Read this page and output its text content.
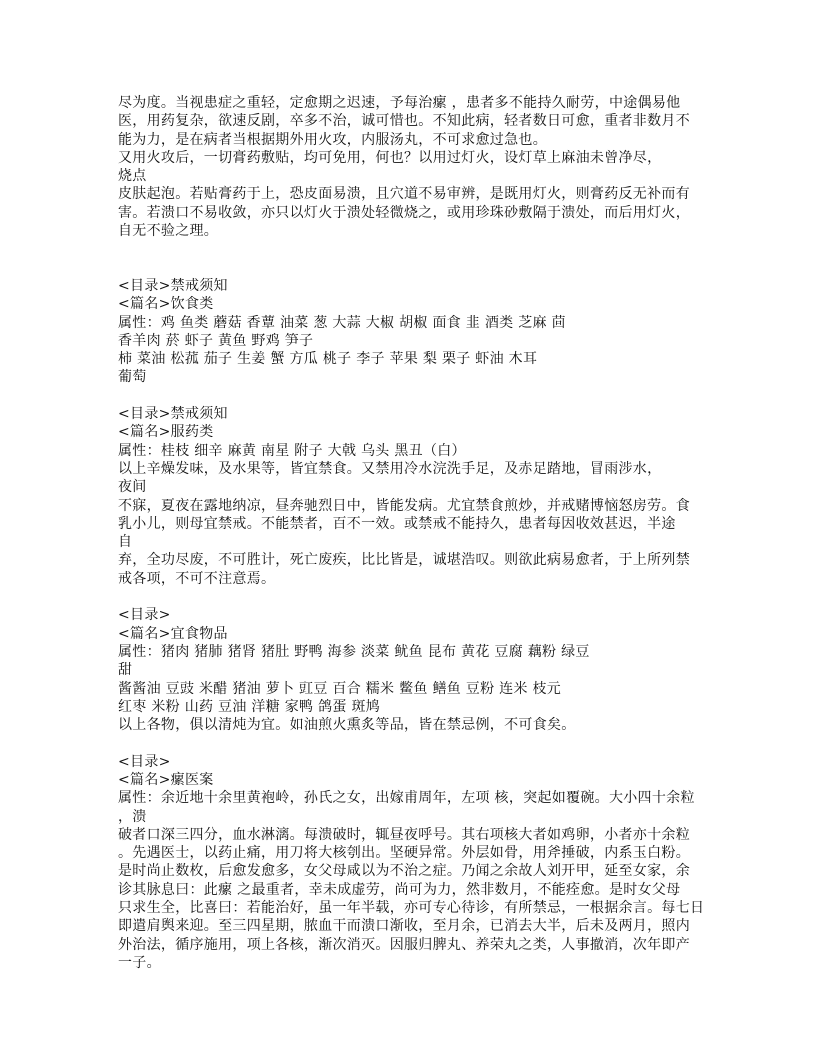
尽为度。当视患症之重轻，定愈期之迟速，予每治瘰 ，患者多不能持久耐劳，中途偶易他
医，用药复杂，欲速反剧，卒多不治，诚可惜也。不知此病，轻者数日可愈，重者非数月不
能为力，是在病者当根据期外用火攻，内服汤丸，不可求愈过急也。
又用火攻后，一切膏药敷贴，均可免用，何也？以用过灯火，设灯草上麻油未曾净尽，
烧点
皮肤起泡。若贴膏药于上，恐皮面易溃，且穴道不易审辨，是既用灯火，则膏药反无补而有
害。若溃口不易收敛，亦只以灯火于溃处轻微烧之，或用珍珠砂敷隔于溃处，而后用灯火，
自无不验之理。
<目录>禁戒须知
<篇名>饮食类
属性：鸡 鱼类 蘑菇 香蕈 油菜 葱 大蒜 大椒 胡椒 面食 韭 酒类 芝麻 茴
香羊肉 菸 虾子 黄鱼 野鸡 笋子
柿 菜油 松菰 茄子 生姜 蟹 方瓜 桃子 李子 苹果 梨 栗子 虾油 木耳
葡萄
<目录>禁戒须知
<篇名>服药类
属性：桂枝 细辛 麻黄 南星 附子 大戟 乌头 黑丑（白）
以上辛燥发味，及水果等，皆宜禁食。又禁用冷水浣洗手足，及赤足踏地，冒雨涉水，
夜间
不寐，夏夜在露地纳凉，昼奔驰烈日中，皆能发病。尤宜禁食煎炒，并戒赌博恼怒房劳。食
乳小儿，则母宜禁戒。不能禁者，百不一效。或禁戒不能持久，患者每因收效甚迟，半途
自
弃，全功尽废，不可胜计，死亡废疾，比比皆是，诚堪浩叹。则欲此病易愈者，于上所列禁
戒各项，不可不注意焉。
<目录>
<篇名>宜食物品
属性：猪肉 猪肺 猪肾 猪肚 野鸭 海参 淡菜 鱿鱼 昆布 黄花 豆腐 藕粉 绿豆
甜
酱酱油 豆豉 米醋 猪油 萝卜 豇豆 百合 糯米 鳖鱼 鳝鱼 豆粉 连米 枝元
红枣 米粉 山药 豆油 洋糖 家鸭 鸽蛋 斑鸠
以上各物，俱以清炖为宜。如油煎火熏炙等品，皆在禁忌例，不可食矣。
<目录>
<篇名>瘰医案
属性：余近地十余里黄袍岭，孙氏之女，出嫁甫周年，左项 核，突起如覆碗。大小四十余粒
，溃
破者口深三四分，血水淋漓。每溃破时，辄昼夜呼号。其右项核大者如鸡卵，小者亦十余粒
。先遇医士，以药止痛，用刀将大核刳出。坚硬异常。外层如骨，用斧捶破，内系玉白粉。
是时尚止数枚，后愈发愈多，女父母咸以为不治之症。乃闻之余故人刘开甲，延至女家，余
诊其脉息曰：此瘰 之最重者，幸未成虚劳，尚可为力，然非数月，不能痊愈。是时女父母
只求生全，比喜曰：若能治好，虽一年半载，亦可专心待诊，有所禁忌，一根据余言。每七日
即遣肩舆来迎。至三四星期，脓血干而溃口渐收，至月余，已消去大半，后未及两月，照内
外治法，循序施用，项上各核，渐次消灭。因服归脾丸、养荣丸之类，人事撤消，次年即产
一子。
